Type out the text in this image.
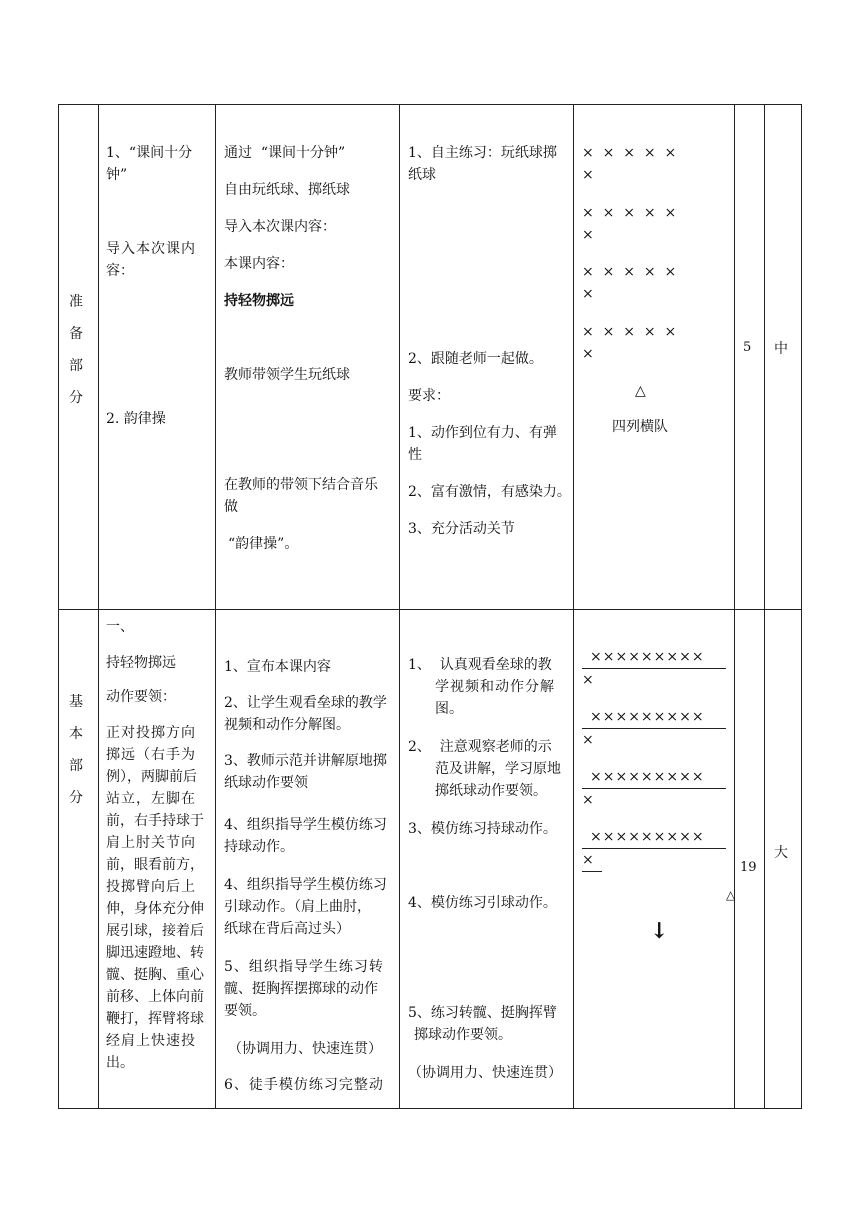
准
备
部
分
1、“课间十分
钟”
导入本次课内
容：
2. 韵律操
通过  “课间十分钟”
自由玩纸球、掷纸球
导入本次课内容：
本课内容：
持轻物掷远
教师带领学生玩纸球
在教师的带领下结合音乐
做
“韵律操”。
1、自主练习：玩纸球掷
纸球
2、跟随老师一起做。
要求：
1、动作到位有力、有弹
性
2、富有激情，有感染力。
3、充分活动关节
×  ×  ×  ×  ×
×
×  ×  ×  ×  ×
×
×  ×  ×  ×  ×
×
×  ×  ×  ×  ×
×
△
四列横队
5 中
基
本
部
分
一、
持轻物掷远
动作要领：
正对投掷方向
掷远（右手为
例），两脚前后
站立，左脚在
前，右手持球于
肩上肘关节向
前，眼看前方，
投掷臂向后上
伸，身体充分伸
展引球，接着后
脚迅速蹬地、转
髋、挺胸、重心
前移、上体向前
鞭打，挥臂将球
经肩上快速投
出。
1、宣布本课内容
2、让学生观看垒球的教学
视频和动作分解图。
3、教师示范并讲解原地掷
纸球动作要领
4、组织指导学生模仿练习
持球动作。
4、组织指导学生模仿练习
引球动作。（肩上曲肘，
纸球在背后高过头）
5、组织指导学生练习转
髋、挺胸挥摆掷球的动作
要领。
（协调用力、快速连贯）
6、徒手模仿练习完整动
1、  认真观看垒球的教
学视频和动作分解
图。
2、  注意观察老师的示
范及讲解，学习原地
掷纸球动作要领。
3、模仿练习持球动作。
4、模仿练习引球动作。
5、练习转髋、挺胸挥臂
掷球动作要领。
（协调用力、快速连贯）
×××××××××
×
×××××××××
×
×××××××××
×
×××××××××
×
△
↓
19
大
